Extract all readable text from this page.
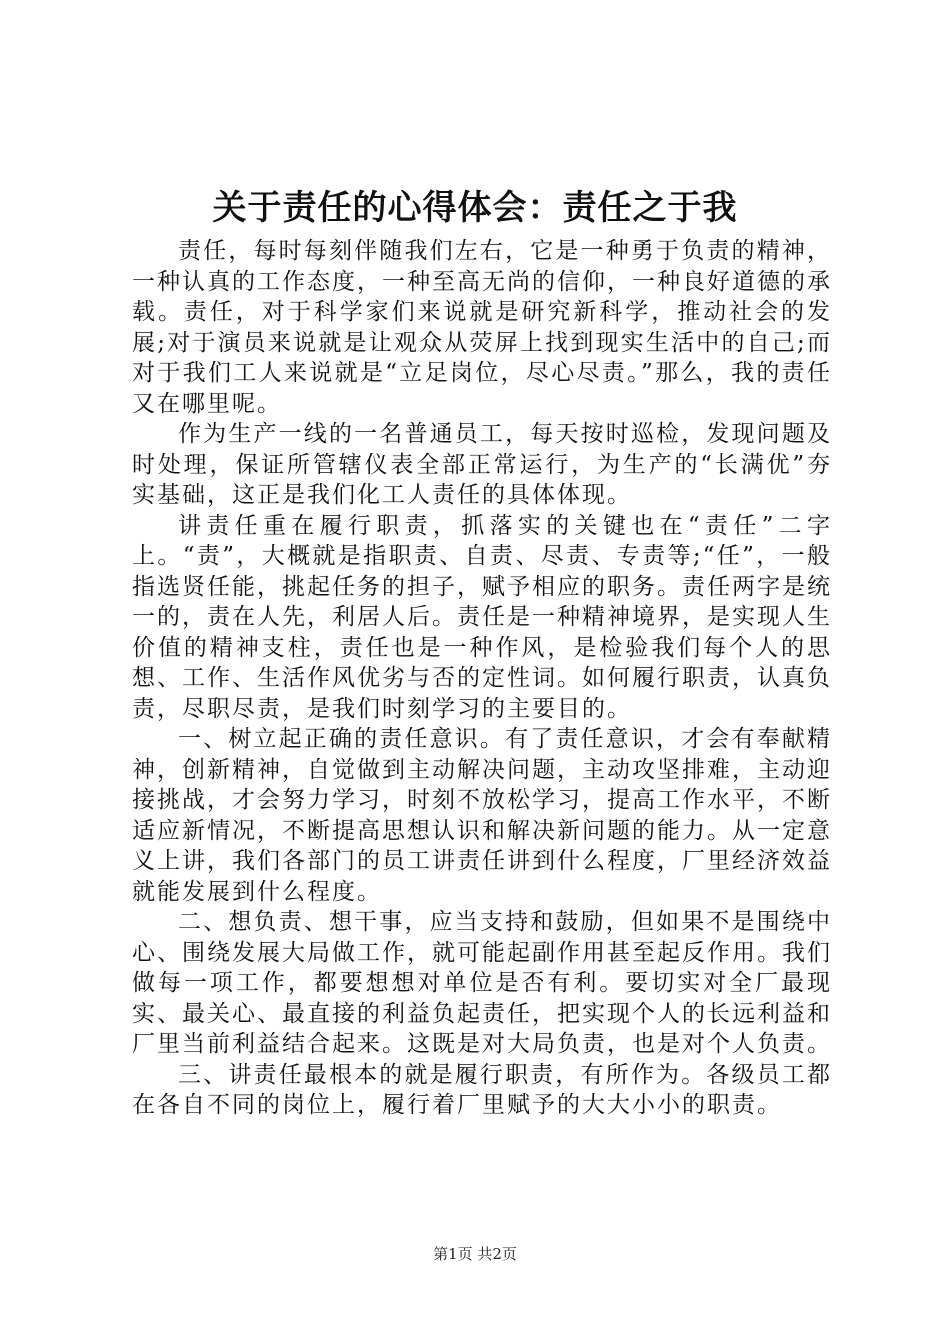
关于责任的心得体会：责任之于我

责任，每时每刻伴随我们左右，它是一种勇于负责的精神，一种认真的工作态度，一种至高无尚的信仰，一种良好道德的承载。责任，对于科学家们来说就是研究新科学，推动社会的发展;对于演员来说就是让观众从荧屏上找到现实生活中的自己;而对于我们工人来说就是“立足岗位，尽心尽责。”那么，我的责任又在哪里呢。

作为生产一线的一名普通员工，每天按时巡检，发现问题及时处理，保证所管辖仪表全部正常运行，为生产的“长满优”夯实基础，这正是我们化工人责任的具体体现。

讲责任重在履行职责，抓落实的关键也在“责任”二字上。“责”，大概就是指职责、自责、尽责、专责等;“任”，一般指选贤任能，挑起任务的担子，赋予相应的职务。责任两字是统一的，责在人先，利居人后。责任是一种精神境界，是实现人生价值的精神支柱，责任也是一种作风，是检验我们每个人的思想、工作、生活作风优劣与否的定性词。如何履行职责，认真负责，尽职尽责，是我们时刻学习的主要目的。

一、树立起正确的责任意识。有了责任意识，才会有奉献精神，创新精神，自觉做到主动解决问题，主动攻坚排难，主动迎接挑战，才会努力学习，时刻不放松学习，提高工作水平，不断适应新情况，不断提高思想认识和解决新问题的能力。从一定意义上讲，我们各部门的员工讲责任讲到什么程度，厂里经济效益就能发展到什么程度。

二、想负责、想干事，应当支持和鼓励，但如果不是围绕中心、围绕发展大局做工作，就可能起副作用甚至起反作用。我们做每一项工作，都要想想对单位是否有利。要切实对全厂最现实、最关心、最直接的利益负起责任，把实现个人的长远利益和厂里当前利益结合起来。这既是对大局负责，也是对个人负责。

三、讲责任最根本的就是履行职责，有所作为。各级员工都在各自不同的岗位上，履行着厂里赋予的大大小小的职责。

第1页 共2页
